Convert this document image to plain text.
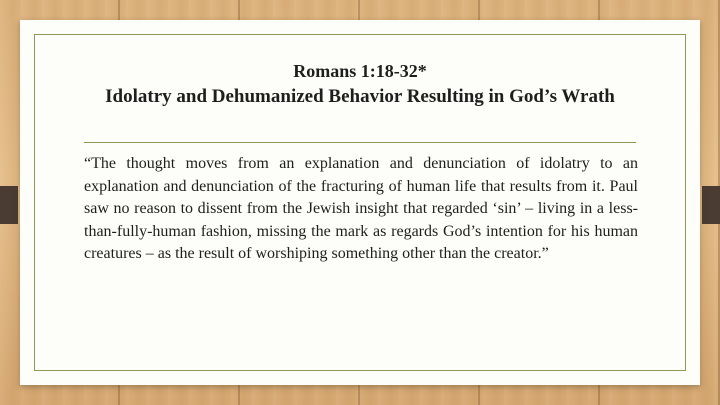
Romans 1:18-32*
Idolatry and Dehumanized Behavior Resulting in God’s Wrath
“The thought moves from an explanation and denunciation of idolatry to an explanation and denunciation of the fracturing of human life that results from it. Paul saw no reason to dissent from the Jewish insight that regarded ‘sin’ – living in a less-than-fully-human fashion, missing the mark as regards God’s intention for his human creatures – as the result of worshiping something other than the creator.”
